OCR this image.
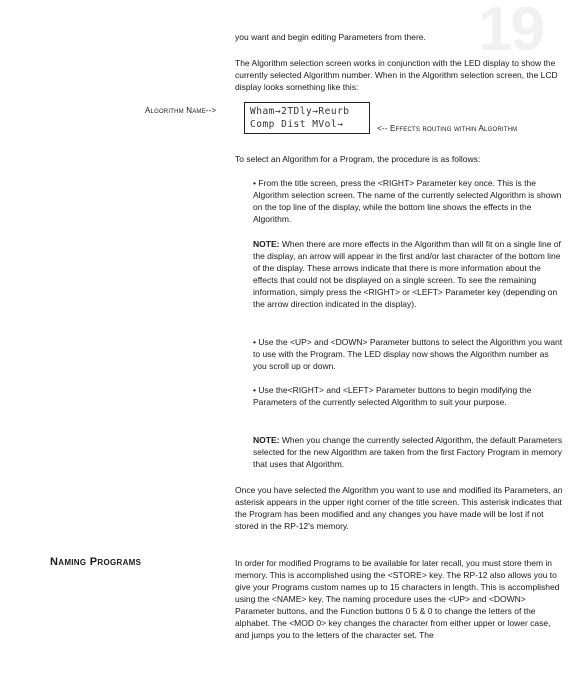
19

you want and begin editing Parameters from there.

The Algorithm selection screen works in conjunction with the LED display to show the currently selected Algorithm number. When in the Algorithm selection screen, the LCD display looks something like this:

Algorithm Name-->	Wham→2TDly→Reurb
Comp Dist MVol→	<-- Effects routing within Algorithm

To select an Algorithm for a Program, the procedure is as follows:

• From the title screen, press the <RIGHT> Parameter key once. This is the Algorithm selection screen. The name of the currently selected Algorithm is shown on the top line of the display, while the bottom line shows the effects in the Algorithm.

NOTE: When there are more effects in the Algorithm than will fit on a single line of the display, an arrow will appear in the first and/or last character of the bottom line of the display. These arrows indicate that there is more information about the effects that could not be displayed on a single screen. To see the remaining information, simply press the <RIGHT> or <LEFT> Parameter key (depending on the arrow direction indicated in the display).

• Use the <UP> and <DOWN> Parameter buttons to select the Algorithm you want to use with the Program. The LED display now shows the Algorithm number as you scroll up or down.

• Use the<RIGHT> and <LEFT> Parameter buttons to begin modifying the Parameters of the currently selected Algorithm to suit your purpose.

NOTE: When you change the currently selected Algorithm, the default Parameters selected for the new Algorithm are taken from the first Factory Program in memory that uses that Algorithm.

Once you have selected the Algorithm you want to use and modified its Parameters, an asterisk appears in the upper right corner of the title screen. This asterisk indicates that the Program has been modified and any changes you have made will be lost if not stored in the RP-12's memory.

Naming Programs	In order for modified Programs to be available for later recall, you must store them in memory. This is accomplished using the <STORE> key. The RP-12 also allows you to give your Programs custom names up to 15 characters in length. This is accomplished using the <NAME> key. The naming procedure uses the <UP> and <DOWN> Parameter buttons, and the Function buttons 0 5 & 0 to change the letters of the alphabet. The <MOD 0> key changes the character from either upper or lower case, and jumps you to the letters of the character set. The
